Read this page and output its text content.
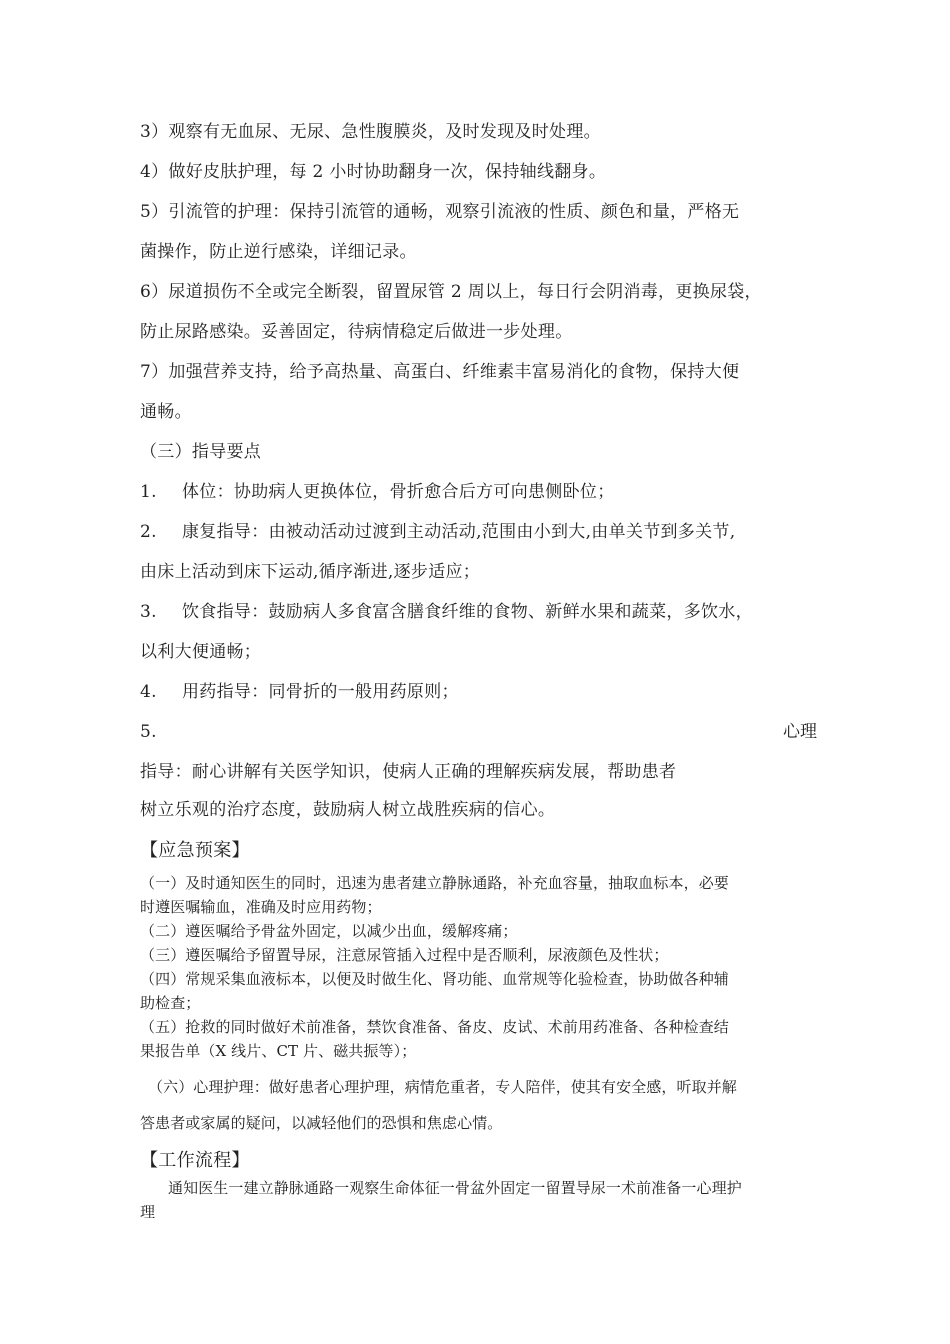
3）观察有无血尿、无尿、急性腹膜炎，及时发现及时处理。
4）做好皮肤护理，每 2 小时协助翻身一次，保持轴线翻身。
5）引流管的护理：保持引流管的通畅，观察引流液的性质、颜色和量，严格无
菌操作，防止逆行感染，详细记录。
6）尿道损伤不全或完全断裂，留置尿管 2 周以上，每日行会阴消毒，更换尿袋，
防止尿路感染。妥善固定，待病情稳定后做进一步处理。
7）加强营养支持，给予高热量、高蛋白、纤维素丰富易消化的食物，保持大便
通畅。
（三）指导要点
1. 体位：协助病人更换体位，骨折愈合后方可向患侧卧位；
2. 康复指导：由被动活动过渡到主动活动,范围由小到大,由单关节到多关节,
由床上活动到床下运动,循序渐进,逐步适应；
3. 饮食指导：鼓励病人多食富含膳食纤维的食物、新鲜水果和蔬菜，多饮水，
以利大便通畅；
4. 用药指导：同骨折的一般用药原则；
5.	心理
指导：耐心讲解有关医学知识，使病人正确的理解疾病发展，帮助患者
树立乐观的治疗态度，鼓励病人树立战胜疾病的信心。
【应急预案】
（一）及时通知医生的同时，迅速为患者建立静脉通路，补充血容量，抽取血标本，必要
时遵医嘱输血，准确及时应用药物；
（二）遵医嘱给予骨盆外固定，以减少出血，缓解疼痛；
（三）遵医嘱给予留置导尿，注意尿管插入过程中是否顺利，尿液颜色及性状；
（四）常规采集血液标本，以便及时做生化、肾功能、血常规等化验检查，协助做各种辅
助检查；
（五）抢救的同时做好术前准备，禁饮食准备、备皮、皮试、术前用药准备、各种检查结
果报告单（X 线片、CT 片、磁共振等）；
（六）心理护理：做好患者心理护理，病情危重者，专人陪伴，使其有安全感，听取并解
答患者或家属的疑问，以减轻他们的恐惧和焦虑心情。
【工作流程】
通知医生一建立静脉通路一观察生命体征一骨盆外固定一留置导尿一术前准备一心理护
理
